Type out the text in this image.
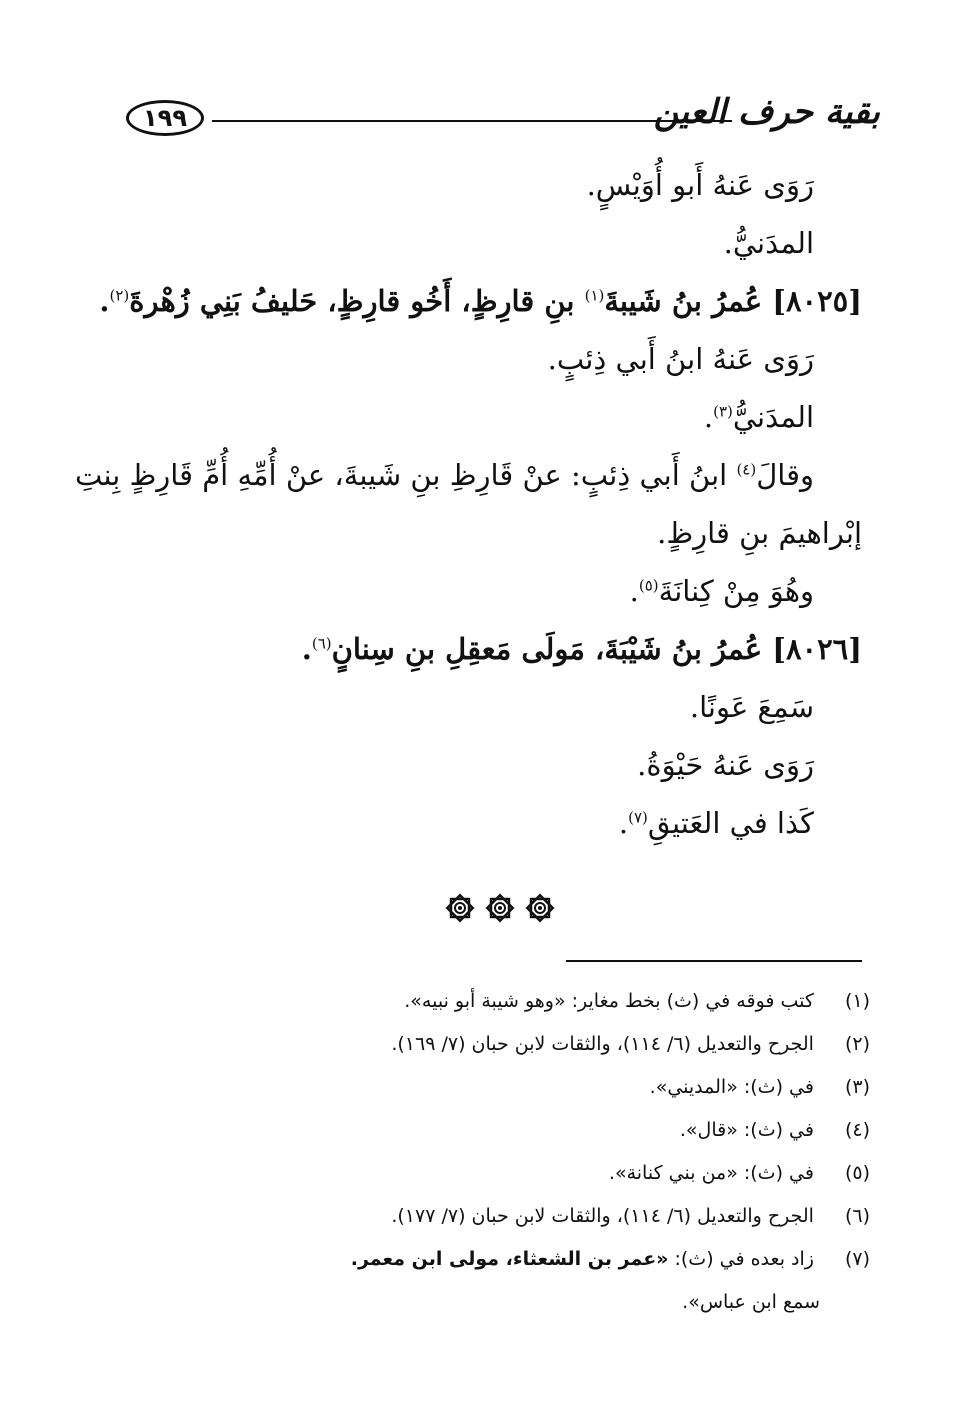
١٩٩	بقية حرف العين
رَوَى عَنهُ أَبو أُوَيْسٍ.
المدَنيُّ.
[٨٠٢٥] عُمرُ بنُ شَيبةَ$^{(١)}$ بنِ قارِظٍ، أَخُو قارِظٍ، حَليفُ بَنِي زُهْرةَ$^{(٢)}$.
رَوَى عَنهُ ابنُ أَبي ذِئبٍ.
المدَنيُّ$^{(٣)}$.
وقالَ$^{(٤)}$ ابنُ أَبي ذِئبٍ: عنْ قَارِظِ بنِ شَيبةَ، عنْ أُمِّهِ أُمِّ قَارِظٍ بِنتِ
إبْراهيمَ بنِ قارِظٍ.
وهُوَ مِنْ كِنانَةَ$^{(٥)}$.
[٨٠٢٦] عُمرُ بنُ شَيْبَةَ، مَولَى مَعقِلِ بنِ سِنانٍ$^{(٦)}$.
سَمِعَ عَونًا.
رَوَى عَنهُ حَيْوَةُ.
كَذا في العَتيقِ$^{(٧)}$.
(١) كتب فوقه في (ث) بخط مغاير: «وهو شيبة أبو نبيه».
(٢) الجرح والتعديل (٦/ ١١٤)، والثقات لابن حبان (٧/ ١٦٩).
(٣) في (ث): «المديني».
(٤) في (ث): «قال».
(٥) في (ث): «من بني كنانة».
(٦) الجرح والتعديل (٦/ ١١٤)، والثقات لابن حبان (٧/ ١٧٧).
(٧) زاد بعده في (ث): «عمر بن الشعثاء، مولى ابن معمر.
سمع ابن عباس».
